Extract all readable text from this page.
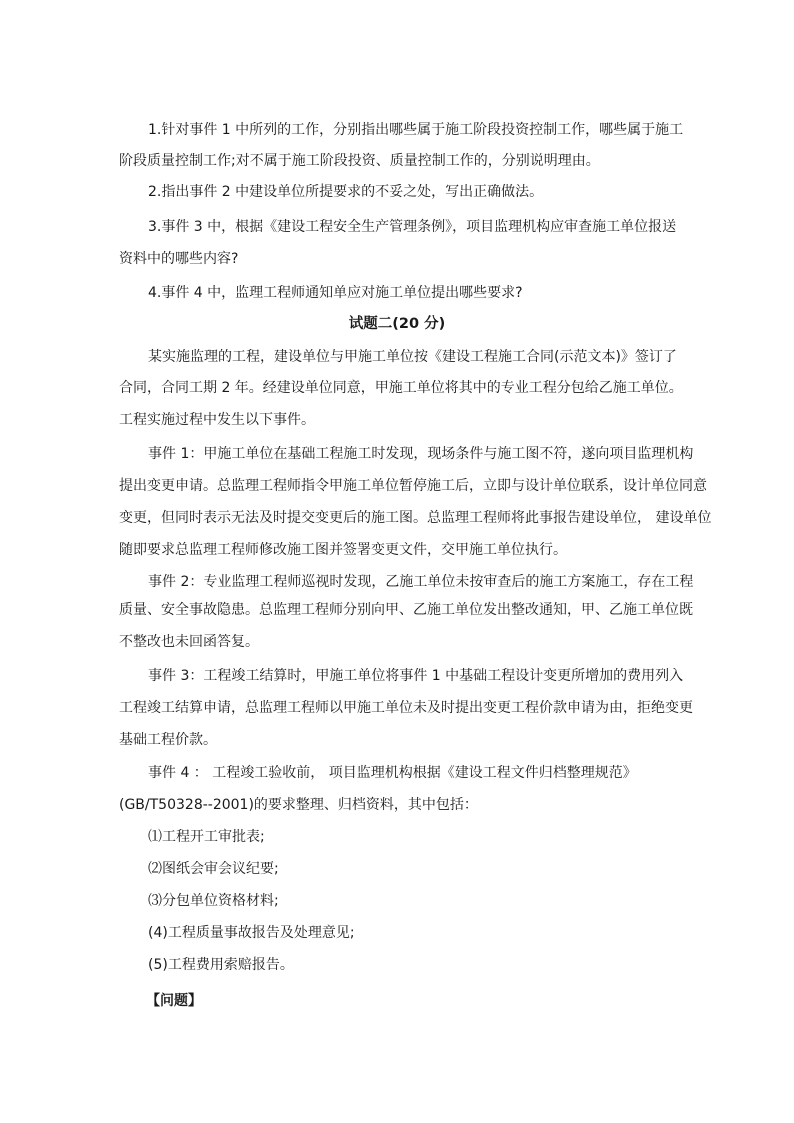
1.针对事件 1 中所列的工作，分别指出哪些属于施工阶段投资控制工作，哪些属于施工

阶段质量控制工作;对不属于施工阶段投资、质量控制工作的，分别说明理由。

2.指出事件 2 中建设单位所提要求的不妥之处，写出正确做法。

3.事件 3 中，根据《建设工程安全生产管理条例》，项目监理机构应审查施工单位报送

资料中的哪些内容?

4.事件 4 中，监理工程师通知单应对施工单位提出哪些要求?

试题二(20 分)

某实施监理的工程，建设单位与甲施工单位按《建设工程施工合同(示范文本)》签订了

合同，合同工期 2 年。经建设单位同意，甲施工单位将其中的专业工程分包给乙施工单位。

工程实施过程中发生以下事件。

事件 1：甲施工单位在基础工程施工时发现，现场条件与施工图不符，遂向项目监理机构

提出变更申请。总监理工程师指令甲施工单位暂停施工后，立即与设计单位联系，设计单位同意

变更，但同时表示无法及时提交变更后的施工图。总监理工程师将此事报告建设单位， 建设单位

随即要求总监理工程师修改施工图并签署变更文件，交甲施工单位执行。

事件 2：专业监理工程师巡视时发现，乙施工单位未按审查后的施工方案施工，存在工程

质量、安全事故隐患。总监理工程师分别向甲、乙施工单位发出整改通知，甲、乙施工单位既

不整改也未回函答复。

事件 3：工程竣工结算时，甲施工单位将事件 1 中基础工程设计变更所增加的费用列入

工程竣工结算申请，总监理工程师以甲施工单位未及时提出变更工程价款申请为由，拒绝变更

基础工程价款。

事件 4 ： 工程竣工验收前， 项目监理机构根据《建设工程文件归档整理规范》

(GB/T50328--2001)的要求整理、归档资料，其中包括：

⑴工程开工审批表;

⑵图纸会审会议纪要;

⑶分包单位资格材料;

(4)工程质量事故报告及处理意见;

(5)工程费用索赔报告。

【问题】
